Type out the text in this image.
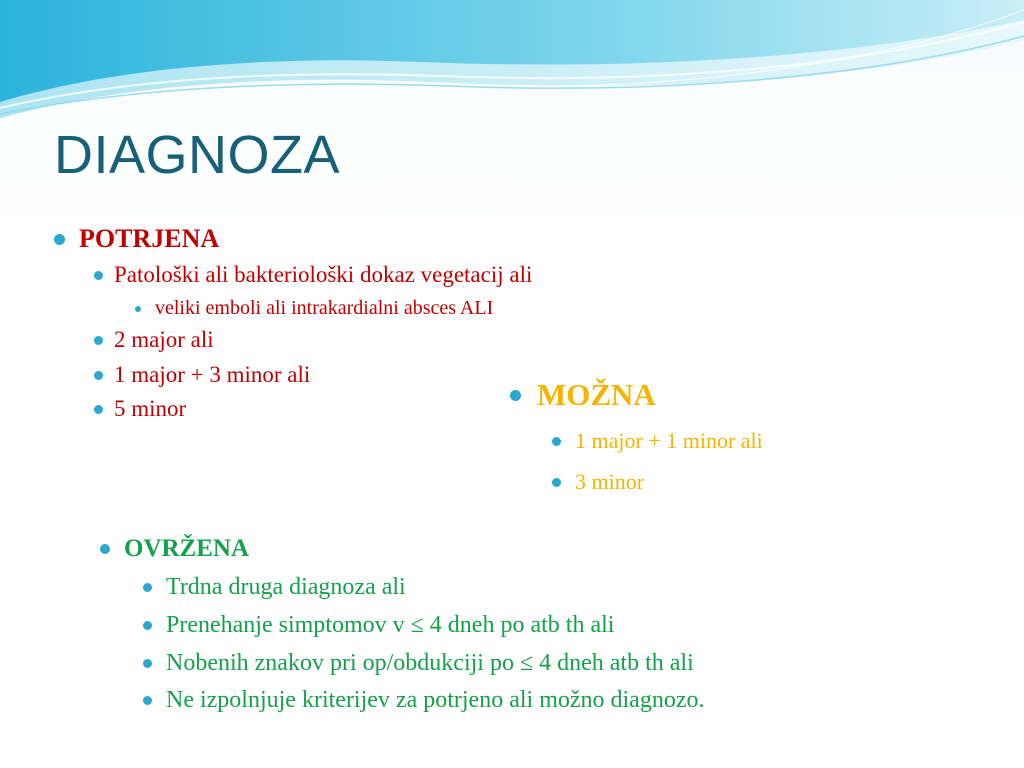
DIAGNOZA
POTRJENA
Patološki ali bakteriološki dokaz vegetacij ali
veliki emboli ali intrakardialni absces ALI
2 major ali
1 major + 3 minor ali
5 minor	MOŽNA
1 major + 1 minor ali
3 minor
OVRŽENA
Trdna druga diagnoza ali
Prenehanje simptomov v ≤ 4 dneh po atb th ali
Nobenih znakov pri op/obdukciji po ≤ 4 dneh atb th ali
Ne izpolnjuje kriterijev za potrjeno ali možno diagnozo.
